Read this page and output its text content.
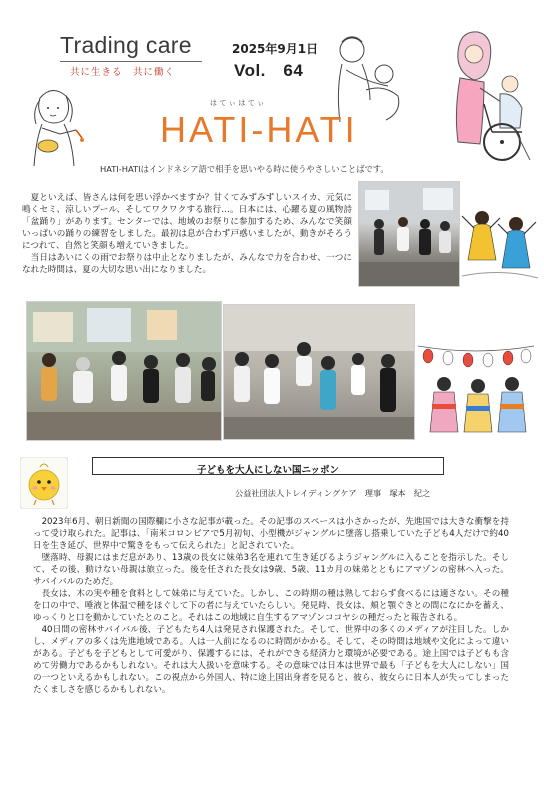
Trading care
共に生きる　共に働く
2025年9月1日
Vol.　64
はてぃはてぃ
HATI-HATI
HATI-HATIはインドネシア語で相手を思いやる時に使うやさしいことばです。

夏といえば、皆さんは何を思い浮かべますか？甘くてみずみずしいスイカ、元気に鳴くセミ、涼しいプール、そしてワクワクする旅行…。日本には、心躍る夏の風物詩「盆踊り」があります。センターでは、地域のお祭りに参加するため、みんなで笑顔いっぱいの踊りの練習をしました。最初は息が合わず戸惑いましたが、動きがそろうにつれて、自然と笑顔も増えていきました。

当日はあいにくの雨でお祭りは中止となりましたが、みんなで力を合わせ、一つになれた時間は、夏の大切な思い出になりました。

子どもを大人にしない国ニッポン
公益社団法人トレイディングケア　理事　塚本　紀之

2023年6月、朝日新聞の国際欄に小さな記事が載った。その記事のスペースは小さかったが、先進国では大きな衝撃を持って受け取られた。記事は、「南米コロンビアで5月初旬、小型機がジャングルに墜落し搭乗していた子ども4人だけで約40日を生き延び、世界中で驚きをもって伝えられた」と記されていた。

墜落時、母親にはまだ息があり、13歳の長女に妹弟3名を連れて生き延びるようジャングルに入ることを指示した。そして、その後、動けない母親は旅立った。後を任された長女は9歳、5歳、11カ月の妹弟とともにアマゾンの密林へ入った。サバイバルのためだ。

長女は、木の実や種を食料として妹弟に与えていた。しかし、この時期の種は熟しておらず食べるには適さない。その種を口の中で、唾液と体温で種をほぐして下の者に与えていたらしい。発見時、長女は、頬と顎ぐきとの間になにかを蓄え、ゆっくりと口を動かしていたとのこと。それはこの地域に自生するアマゾンココヤシの種だったと報告される。

40日間の密林サバイバル後、子どもたち4人は発見され保護された。そして、世界中の多くのメディアが注目した。しかし、メディアの多くは先進地域である。人は一人前になるのに時間がかかる。そして、その時間は地域や文化によって違いがある。子どもを子どもとして可愛がり、保護するには、それができる経済力と環境が必要である。途上国では子どもも含めて労働力であるかもしれない。それは大人扱いを意味する。その意味では日本は世界で最も「子どもを大人にしない」国の一つといえるかもしれない。この視点から外国人、特に途上国出身者を見ると、彼ら、彼女らに日本人が失ってしまったたくましさを感じるかもしれない。
